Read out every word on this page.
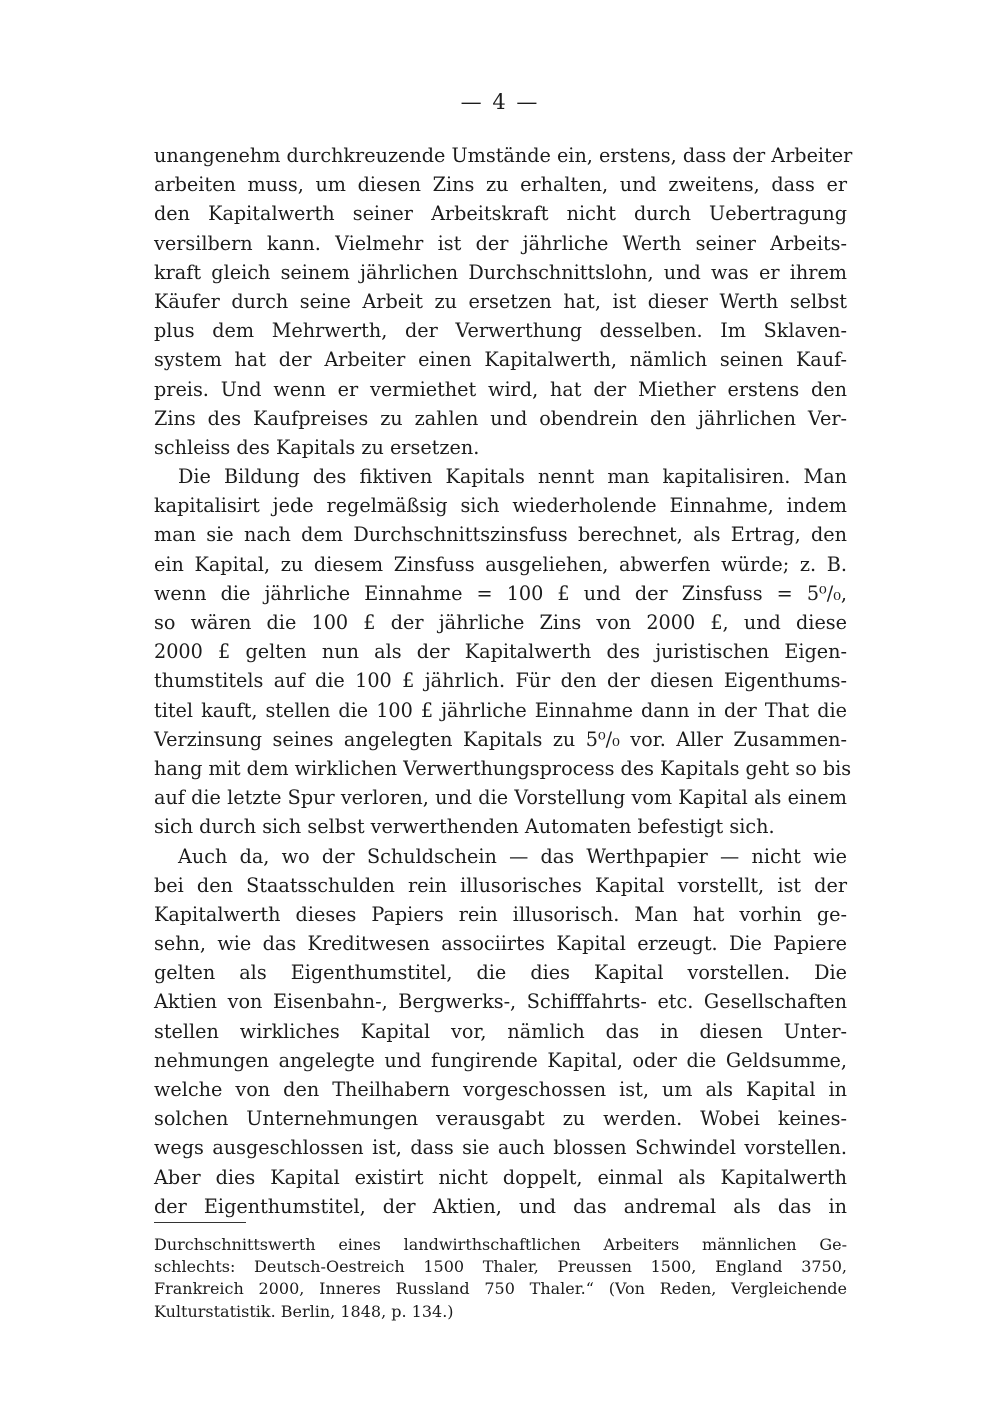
— 4 —
unangenehm durchkreuzende Umstände ein, erstens, dass der Arbeiter
arbeiten muss, um diesen Zins zu erhalten, und zweitens, dass er
den Kapitalwerth seiner Arbeitskraft nicht durch Uebertragung
versilbern kann. Vielmehr ist der jährliche Werth seiner Arbeits-
kraft gleich seinem jährlichen Durchschnittslohn, und was er ihrem
Käufer durch seine Arbeit zu ersetzen hat, ist dieser Werth selbst
plus dem Mehrwerth, der Verwerthung desselben. Im Sklaven-
system hat der Arbeiter einen Kapitalwerth, nämlich seinen Kauf-
preis. Und wenn er vermiethet wird, hat der Miether erstens den
Zins des Kaufpreises zu zahlen und obendrein den jährlichen Ver-
schleiss des Kapitals zu ersetzen.
Die Bildung des fiktiven Kapitals nennt man kapitalisiren. Man
kapitalisirt jede regelmäßsig sich wiederholende Einnahme, indem
man sie nach dem Durchschnittszinsfuss berechnet, als Ertrag, den
ein Kapital, zu diesem Zinsfuss ausgeliehen, abwerfen würde; z. B.
wenn die jährliche Einnahme = 100 £ und der Zinsfuss = 5⁰/₀,
so wären die 100 £ der jährliche Zins von 2000 £, und diese
2000 £ gelten nun als der Kapitalwerth des juristischen Eigen-
thumstitels auf die 100 £ jährlich. Für den der diesen Eigenthums-
titel kauft, stellen die 100 £ jährliche Einnahme dann in der That die
Verzinsung seines angelegten Kapitals zu 5⁰/₀ vor. Aller Zusammen-
hang mit dem wirklichen Verwerthungsprocess des Kapitals geht so bis
auf die letzte Spur verloren, und die Vorstellung vom Kapital als einem
sich durch sich selbst verwerthenden Automaten befestigt sich.
Auch da, wo der Schuldschein — das Werthpapier — nicht wie
bei den Staatsschulden rein illusorisches Kapital vorstellt, ist der
Kapitalwerth dieses Papiers rein illusorisch. Man hat vorhin ge-
sehn, wie das Kreditwesen associirtes Kapital erzeugt. Die Papiere
gelten als Eigenthumstitel, die dies Kapital vorstellen. Die
Aktien von Eisenbahn-, Bergwerks-, Schifffahrts- etc. Gesellschaften
stellen wirkliches Kapital vor, nämlich das in diesen Unter-
nehmungen angelegte und fungirende Kapital, oder die Geldsumme,
welche von den Theilhabern vorgeschossen ist, um als Kapital in
solchen Unternehmungen verausgabt zu werden. Wobei keines-
wegs ausgeschlossen ist, dass sie auch blossen Schwindel vorstellen.
Aber dies Kapital existirt nicht doppelt, einmal als Kapitalwerth
der Eigenthumstitel, der Aktien, und das andremal als das in
Durchschnittswerth eines landwirthschaftlichen Arbeiters männlichen Ge-
schlechts: Deutsch-Oestreich 1500 Thaler, Preussen 1500, England 3750,
Frankreich 2000, Inneres Russland 750 Thaler.“ (Von Reden, Vergleichende
Kulturstatistik. Berlin, 1848, p. 134.)
